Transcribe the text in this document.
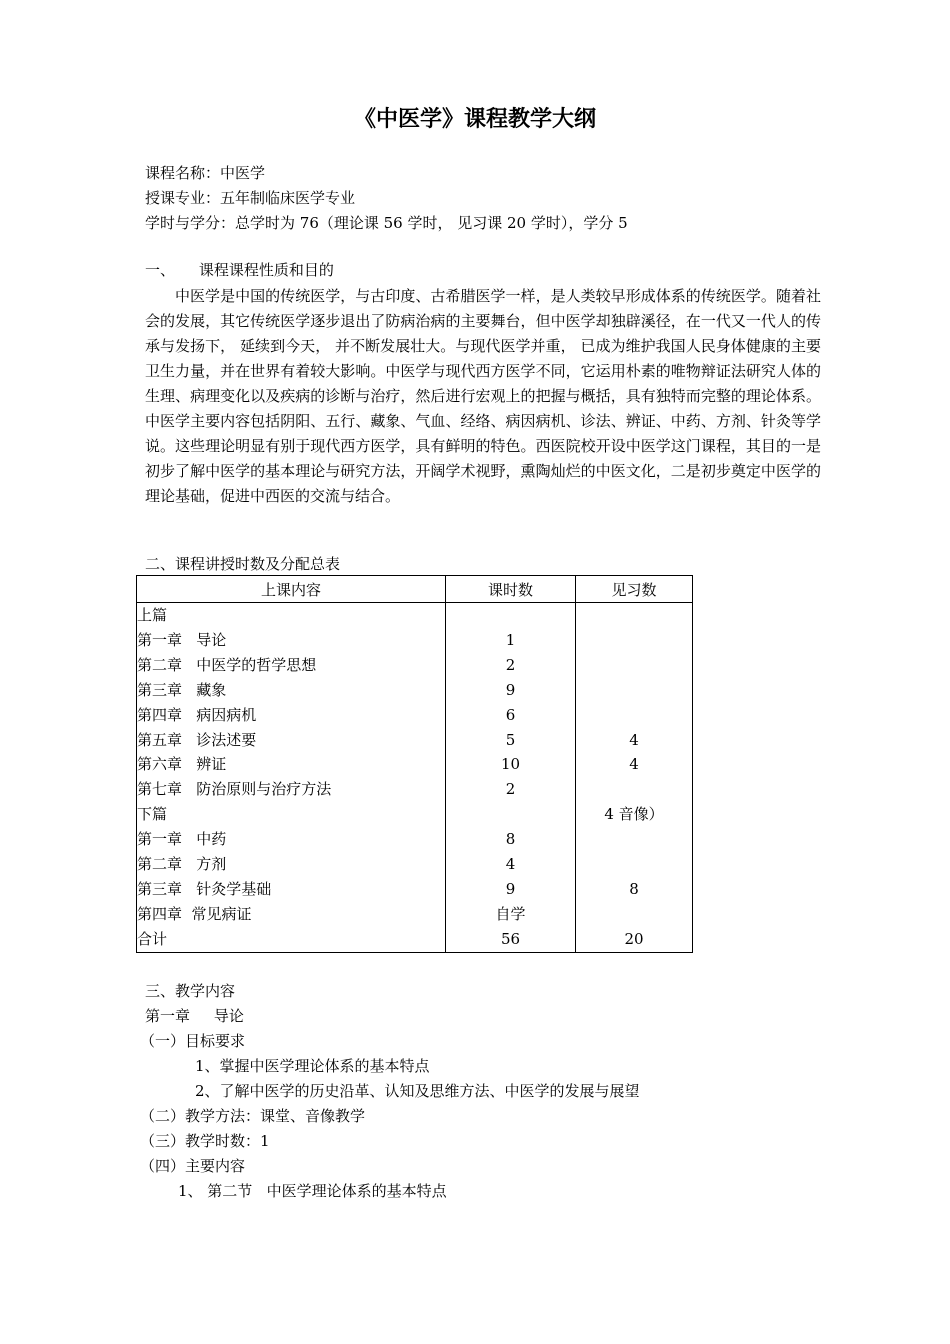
《中医学》课程教学大纲
课程名称：中医学
授课专业：五年制临床医学专业
学时与学分：总学时为 76（理论课 56 学时， 见习课 20 学时），学分 5
一、     课程课程性质和目的
中医学是中国的传统医学，与古印度、古希腊医学一样，是人类较早形成体系的传统医学。随着社会的发展，其它传统医学逐步退出了防病治病的主要舞台，但中医学却独辟溪径，在一代又一代人的传承与发扬下， 延续到今天， 并不断发展壮大。与现代医学并重， 已成为维护我国人民身体健康的主要卫生力量，并在世界有着较大影响。中医学与现代西方医学不同，它运用朴素的唯物辩证法研究人体的生理、病理变化以及疾病的诊断与治疗，然后进行宏观上的把握与概括，具有独特而完整的理论体系。中医学主要内容包括阴阳、五行、藏象、气血、经络、病因病机、诊法、辨证、中药、方剂、针灸等学说。这些理论明显有别于现代西方医学，具有鲜明的特色。西医院校开设中医学这门课程，其目的一是初步了解中医学的基本理论与研究方法，开阔学术视野，熏陶灿烂的中医文化，二是初步奠定中医学的理论基础，促进中西医的交流与结合。
二、课程讲授时数及分配总表
上课内容	课时数	见习数
上篇		
第一章   导论	1	
第二章   中医学的哲学思想	2	
第三章   藏象	9	
第四章   病因病机	6	
第五章   诊法述要	5	4
第六章   辨证	10	4
第七章   防治原则与治疗方法	2	
下篇		4 音像）
第一章   中药	8	
第二章   方剂	4	
第三章   针灸学基础	9	8
第四章  常见病证	自学	
合计	56	20
三、教学内容
第一章     导论
（一）目标要求
1、掌握中医学理论体系的基本特点
2、了解中医学的历史沿革、认知及思维方法、中医学的发展与展望
（二）教学方法：课堂、音像教学
（三）教学时数：1
（四）主要内容
1、 第二节   中医学理论体系的基本特点
